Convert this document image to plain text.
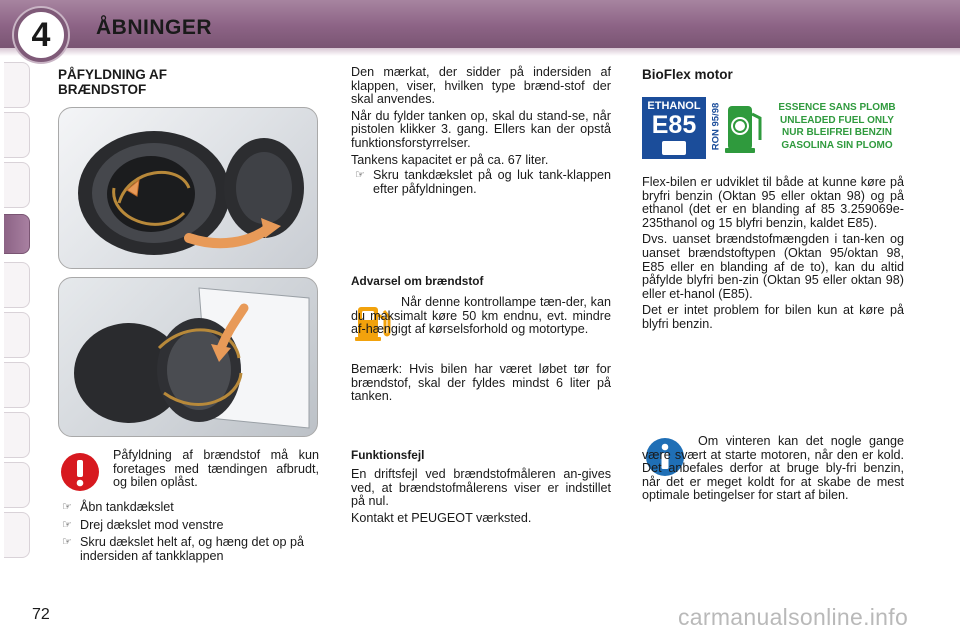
4 ÅBNINGER
PÅFYLDNING AF
BRÆNDSTOF
Påfyldning af brændstof må kun foretages med tændingen afbrudt, og bilen oplåst.
☞ Åbn tankdækslet
☞ Drej dækslet mod venstre
☞ Skru dækslet helt af, og hæng det op på indersiden af tankklappen

Den mærkat, der sidder på indersiden af klappen, viser, hvilken type brænd-stof der skal anvendes.

Når du fylder tanken op, skal du stand-se, når pistolen klikker 3. gang. Ellers kan der opstå funktionsforstyrrelser.

Tankens kapacitet er på ca. 67 liter.

☞ Skru tankdækslet på og luk tank-klappen efter påfyldningen.
Advarsel om brændstof
Når denne kontrollampe tæn-der, kan du maksimalt køre 50 km endnu, evt. mindre af-hængigt af kørselsforhold og motortype.
Bemærk: Hvis bilen har været løbet tør for brændstof, skal der fyldes mindst 6 liter på tanken.
Funktionsfejl

En driftsfejl ved brændstofmåleren an-gives ved, at brændstofmålerens viser er indstillet på nul.

Kontakt et PEUGEOT værksted.

BioFlex motor
ETHANOL
E85	RON 95/98	ESSENCE SANS PLOMB
UNLEADED FUEL ONLY
NUR BLEIFREI BENZIN
GASOLINA SIN PLOMO

Flex-bilen er udviklet til både at kunne køre på bryfri benzin (Oktan 95 eller oktan 98) og på ethanol (det er en blanding af 85 3.259069e-235thanol og 15 blyfri benzin, kaldet E85).

Dvs. uanset brændstofmængden i tan-ken og uanset brændstoftypen (Oktan 95/oktan 98, E85 eller en blanding af de to), kan du altid påfylde blyfri ben-zin (Oktan 95 eller oktan 98) eller et-hanol (E85).

Det er intet problem for bilen kun at køre på blyfri benzin.

Om vinteren kan det nogle gange være svært at starte motoren, når den er kold. Det anbefales derfor at bruge bly-fri benzin, når det er meget koldt for at skabe de mest optimale betingelser for start af bilen.
72	carmanualsonline.info
